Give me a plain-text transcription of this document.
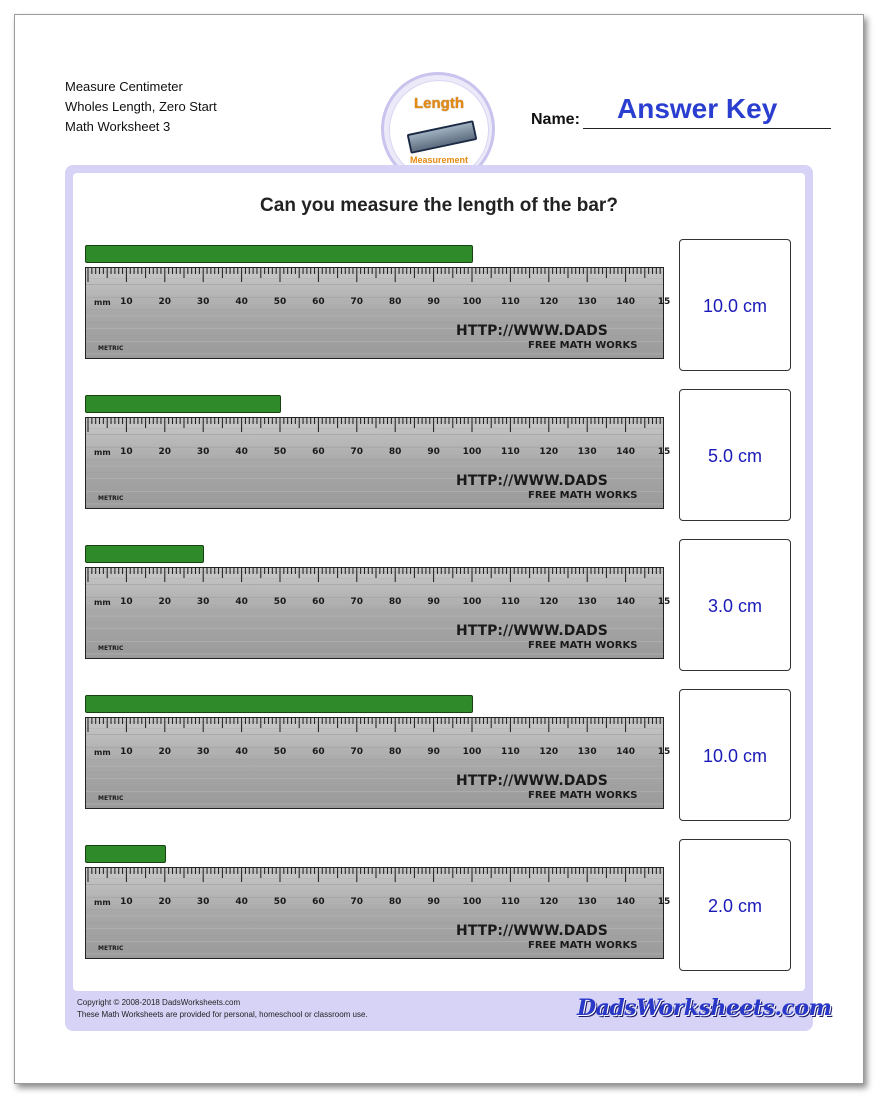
Measure Centimeter
Wholes Length, Zero Start
Math Worksheet 3
Length
Measurement
Name: Answer Key
Can you measure the length of the bar?
mm 10	20	30	40	50	60	70	80	90	100 110 120 130 140	15
HTTP://WWW.DADS
FREE MATH WORKS
METRIC
10.0 cm
mm 10	20	30	40	50	60	70	80	90	100 110 120 130 140	15
HTTP://WWW.DADS
FREE MATH WORKS
METRIC
5.0 cm
mm 10	20	30	40	50	60	70	80	90	100 110 120 130 140	15
HTTP://WWW.DADS
FREE MATH WORKS
METRIC
3.0 cm
mm 10	20	30	40	50	60	70	80	90	100 110 120 130 140	15
HTTP://WWW.DADS
FREE MATH WORKS
METRIC
10.0 cm
mm 10	20	30	40	50	60	70	80	90	100 110 120 130 140	15
HTTP://WWW.DADS
FREE MATH WORKS
METRIC
2.0 cm
Copyright © 2008-2018 DadsWorksheets.com
These Math Worksheets are provided for personal, homeschool or classroom use.	DadsWorksheets.com
